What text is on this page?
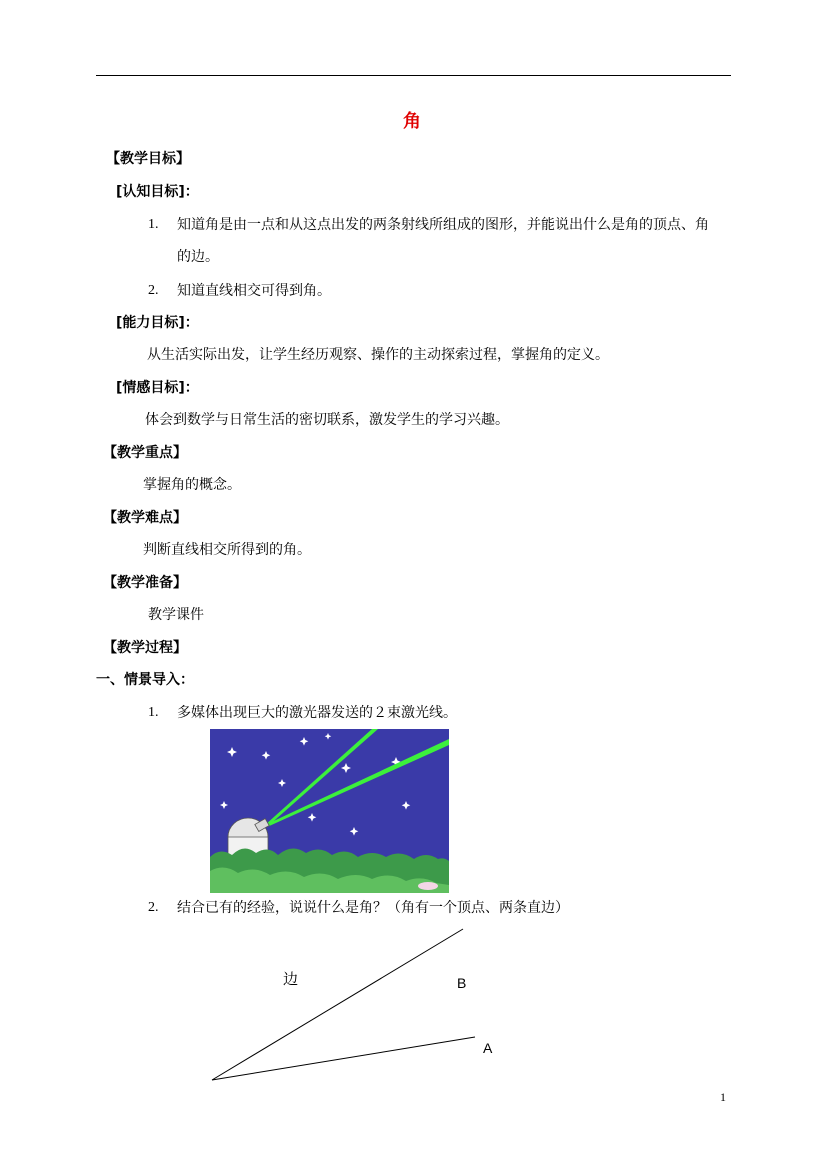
角
【教学目标】
[认知目标]：
1. 知道角是由一点和从这点出发的两条射线所组成的图形，并能说出什么是角的顶点、角
的边。
2. 知道直线相交可得到角。
[能力目标]：
从生活实际出发，让学生经历观察、操作的主动探索过程，掌握角的定义。
[情感目标]：
体会到数学与日常生活的密切联系，激发学生的学习兴趣。
【教学重点】
掌握角的概念。
【教学难点】
判断直线相交所得到的角。
【教学准备】
教学课件
【教学过程】
一、情景导入：
1. 多媒体出现巨大的激光器发送的２束激光线。
2. 结合已有的经验，说说什么是角？（角有一个顶点、两条直边）
边	B
A
1
